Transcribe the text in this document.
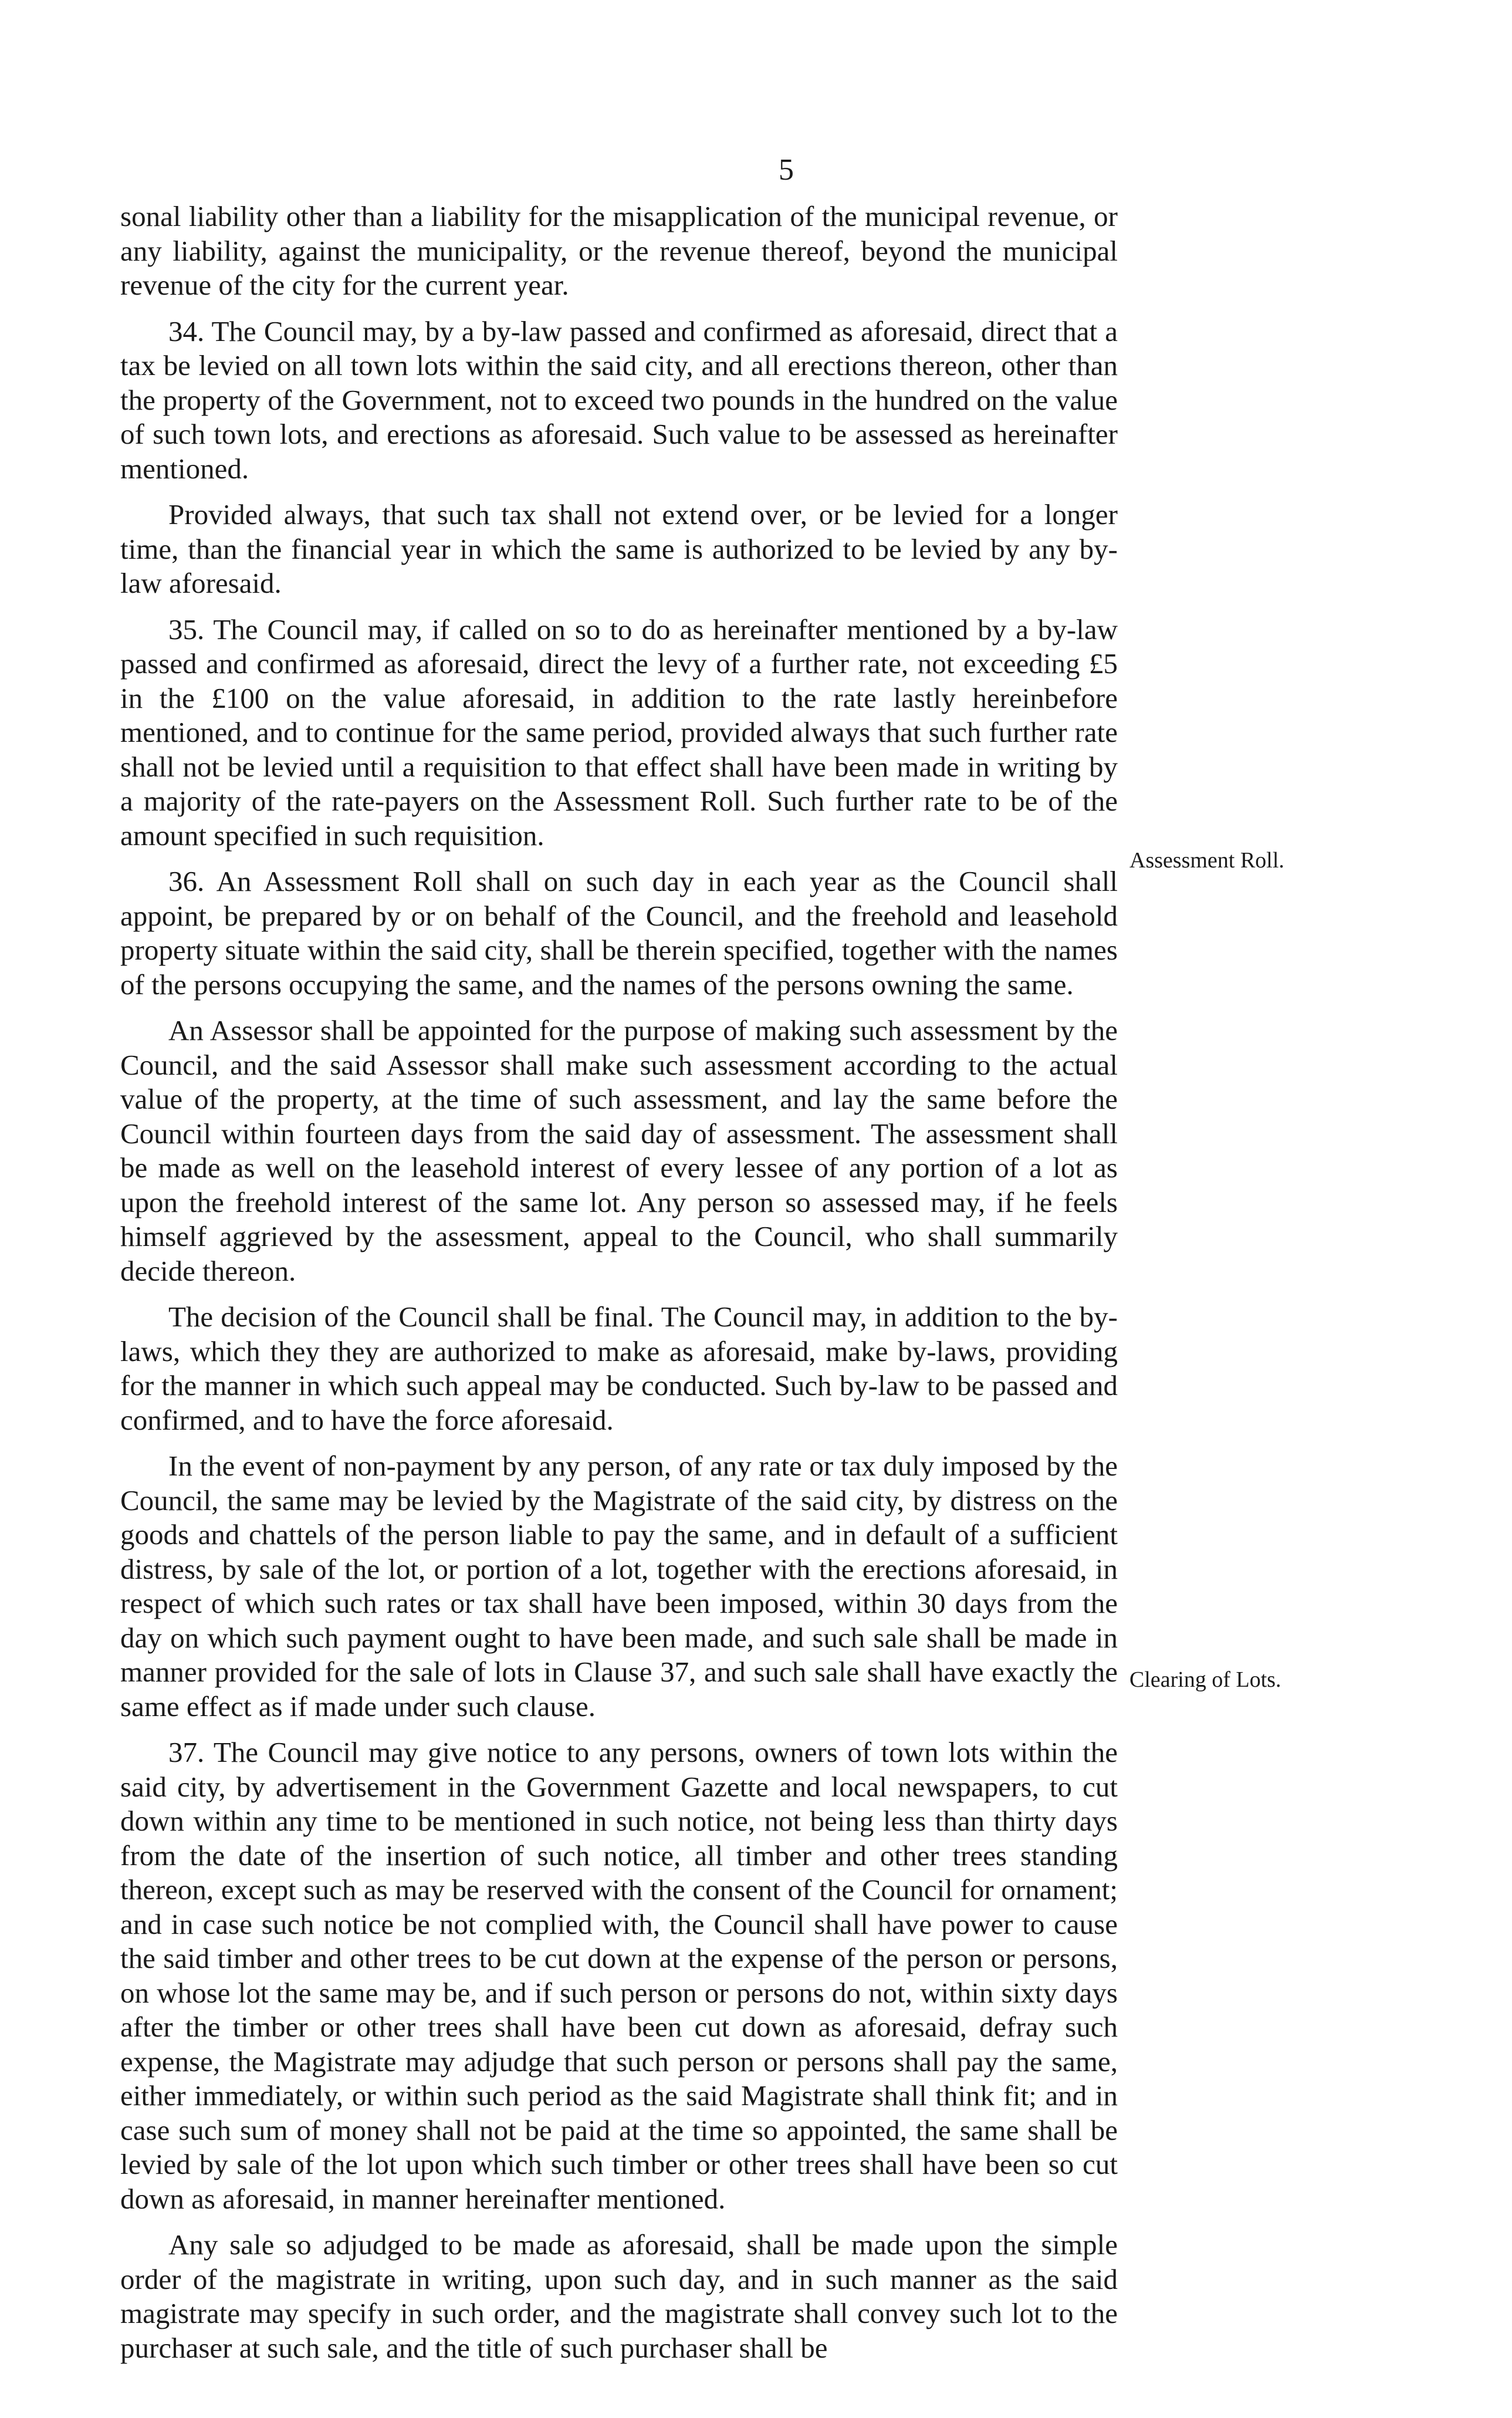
5

sonal liability other than a liability for the misapplication of the municipal revenue, or any liability, against the municipality, or the revenue thereof, beyond the municipal revenue of the city for the current year.

34. The Council may, by a by-law passed and confirmed as aforesaid, direct that a tax be levied on all town lots within the said city, and all erections thereon, other than the property of the Government, not to exceed two pounds in the hundred on the value of such town lots, and erections as aforesaid. Such value to be assessed as hereinafter mentioned.

Provided always, that such tax shall not extend over, or be levied for a longer time, than the financial year in which the same is authorized to be levied by any by-law aforesaid.

35. The Council may, if called on so to do as hereinafter mentioned by a by-law passed and confirmed as aforesaid, direct the levy of a further rate, not exceeding £5 in the £100 on the value aforesaid, in addition to the rate lastly hereinbefore mentioned, and to continue for the same period, provided always that such further rate shall not be levied until a requisition to that effect shall have been made in writing by a majority of the rate-payers on the Assessment Roll. Such further rate to be of the amount specified in such requisition.

36. An Assessment Roll shall on such day in each year as the Council shall appoint, be prepared by or on behalf of the Council, and the freehold and leasehold property situate within the said city, shall be therein specified, together with the names of the persons occupying the same, and the names of the persons owning the same.

An Assessor shall be appointed for the purpose of making such assessment by the Council, and the said Assessor shall make such assessment according to the actual value of the property, at the time of such assessment, and lay the same before the Council within fourteen days from the said day of assessment. The assessment shall be made as well on the leasehold interest of every lessee of any portion of a lot as upon the freehold interest of the same lot. Any person so assessed may, if he feels himself aggrieved by the assessment, appeal to the Council, who shall summarily decide thereon.

The decision of the Council shall be final. The Council may, in addition to the by-laws, which they they are authorized to make as aforesaid, make by-laws, providing for the manner in which such appeal may be conducted. Such by-law to be passed and confirmed, and to have the force aforesaid.

In the event of non-payment by any person, of any rate or tax duly imposed by the Council, the same may be levied by the Magistrate of the said city, by distress on the goods and chattels of the person liable to pay the same, and in default of a sufficient distress, by sale of the lot, or portion of a lot, together with the erections aforesaid, in respect of which such rates or tax shall have been imposed, within 30 days from the day on which such payment ought to have been made, and such sale shall be made in manner provided for the sale of lots in Clause 37, and such sale shall have exactly the same effect as if made under such clause.

37. The Council may give notice to any persons, owners of town lots within the said city, by advertisement in the Government Gazette and local newspapers, to cut down within any time to be mentioned in such notice, not being less than thirty days from the date of the insertion of such notice, all timber and other trees standing thereon, except such as may be reserved with the consent of the Council for ornament; and in case such notice be not complied with, the Council shall have power to cause the said timber and other trees to be cut down at the expense of the person or persons, on whose lot the same may be, and if such person or persons do not, within sixty days after the timber or other trees shall have been cut down as aforesaid, defray such expense, the Magistrate may adjudge that such person or persons shall pay the same, either immediately, or within such period as the said Magistrate shall think fit; and in case such sum of money shall not be paid at the time so appointed, the same shall be levied by sale of the lot upon which such timber or other trees shall have been so cut down as aforesaid, in manner hereinafter mentioned.

Any sale so adjudged to be made as aforesaid, shall be made upon the simple order of the magistrate in writing, upon such day, and in such manner as the said magistrate may specify in such order, and the magistrate shall convey such lot to the purchaser at such sale, and the title of such purchaser shall be

Assessment Roll.
Clearing of Lots.
